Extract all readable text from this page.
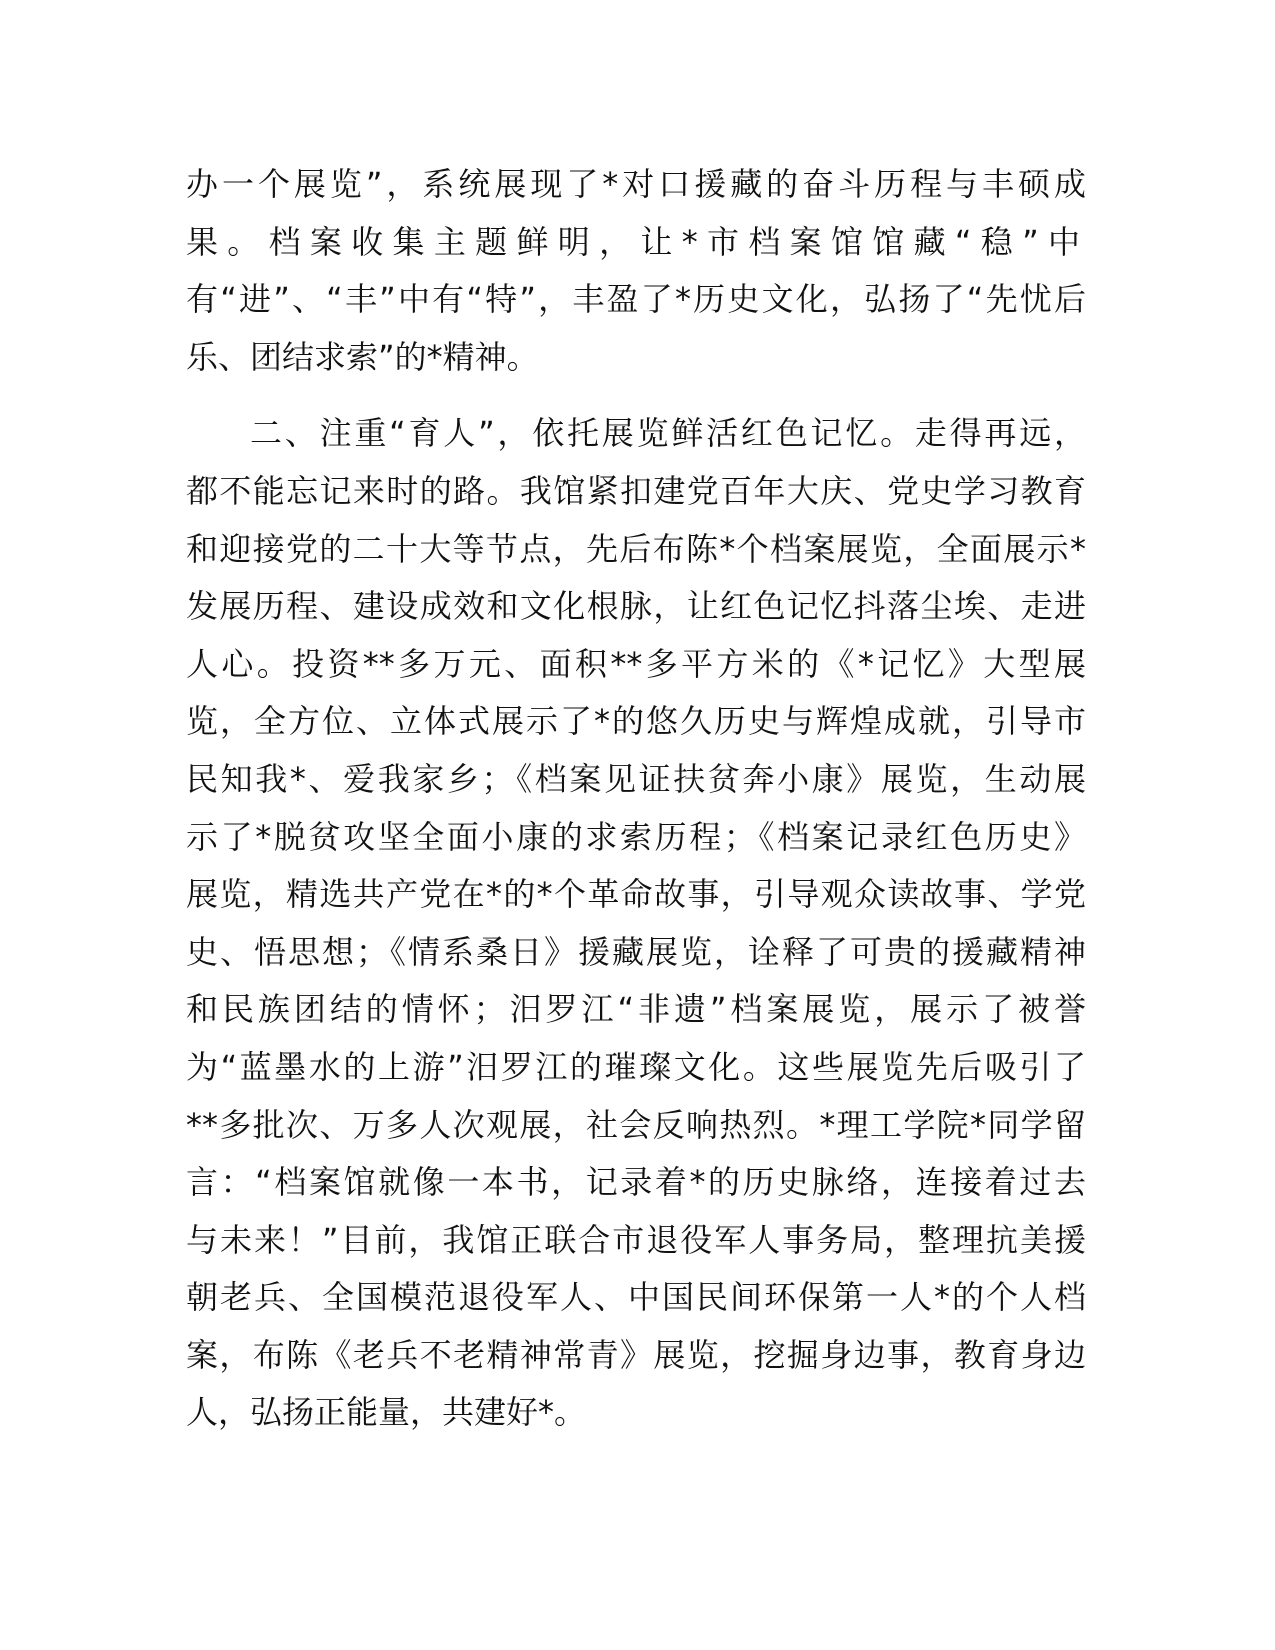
办一个展览”，系统展现了*对口援藏的奋斗历程与丰硕成
果。档案收集主题鲜明，让*市档案馆馆藏“稳”中
有“进”、“丰”中有“特”，丰盈了*历史文化，弘扬了“先忧后
乐、团结求索”的*精神。
二、注重“育人”，依托展览鲜活红色记忆。走得再远，
都不能忘记来时的路。我馆紧扣建党百年大庆、党史学习教育
和迎接党的二十大等节点，先后布陈*个档案展览，全面展示*
发展历程、建设成效和文化根脉，让红色记忆抖落尘埃、走进
人心。投资**多万元、面积**多平方米的《*记忆》大型展
览，全方位、立体式展示了*的悠久历史与辉煌成就，引导市
民知我*、爱我家乡；《档案见证扶贫奔小康》展览，生动展
示了*脱贫攻坚全面小康的求索历程；《档案记录红色历史》
展览，精选共产党在*的*个革命故事，引导观众读故事、学党
史、悟思想；《情系桑日》援藏展览，诠释了可贵的援藏精神
和民族团结的情怀；汨罗江“非遗”档案展览，展示了被誉
为“蓝墨水的上游”汨罗江的璀璨文化。这些展览先后吸引了
**多批次、万多人次观展，社会反响热烈。*理工学院*同学留
言：“档案馆就像一本书，记录着*的历史脉络，连接着过去
与未来！”目前，我馆正联合市退役军人事务局，整理抗美援
朝老兵、全国模范退役军人、中国民间环保第一人*的个人档
案，布陈《老兵不老精神常青》展览，挖掘身边事，教育身边
人，弘扬正能量，共建好*。
